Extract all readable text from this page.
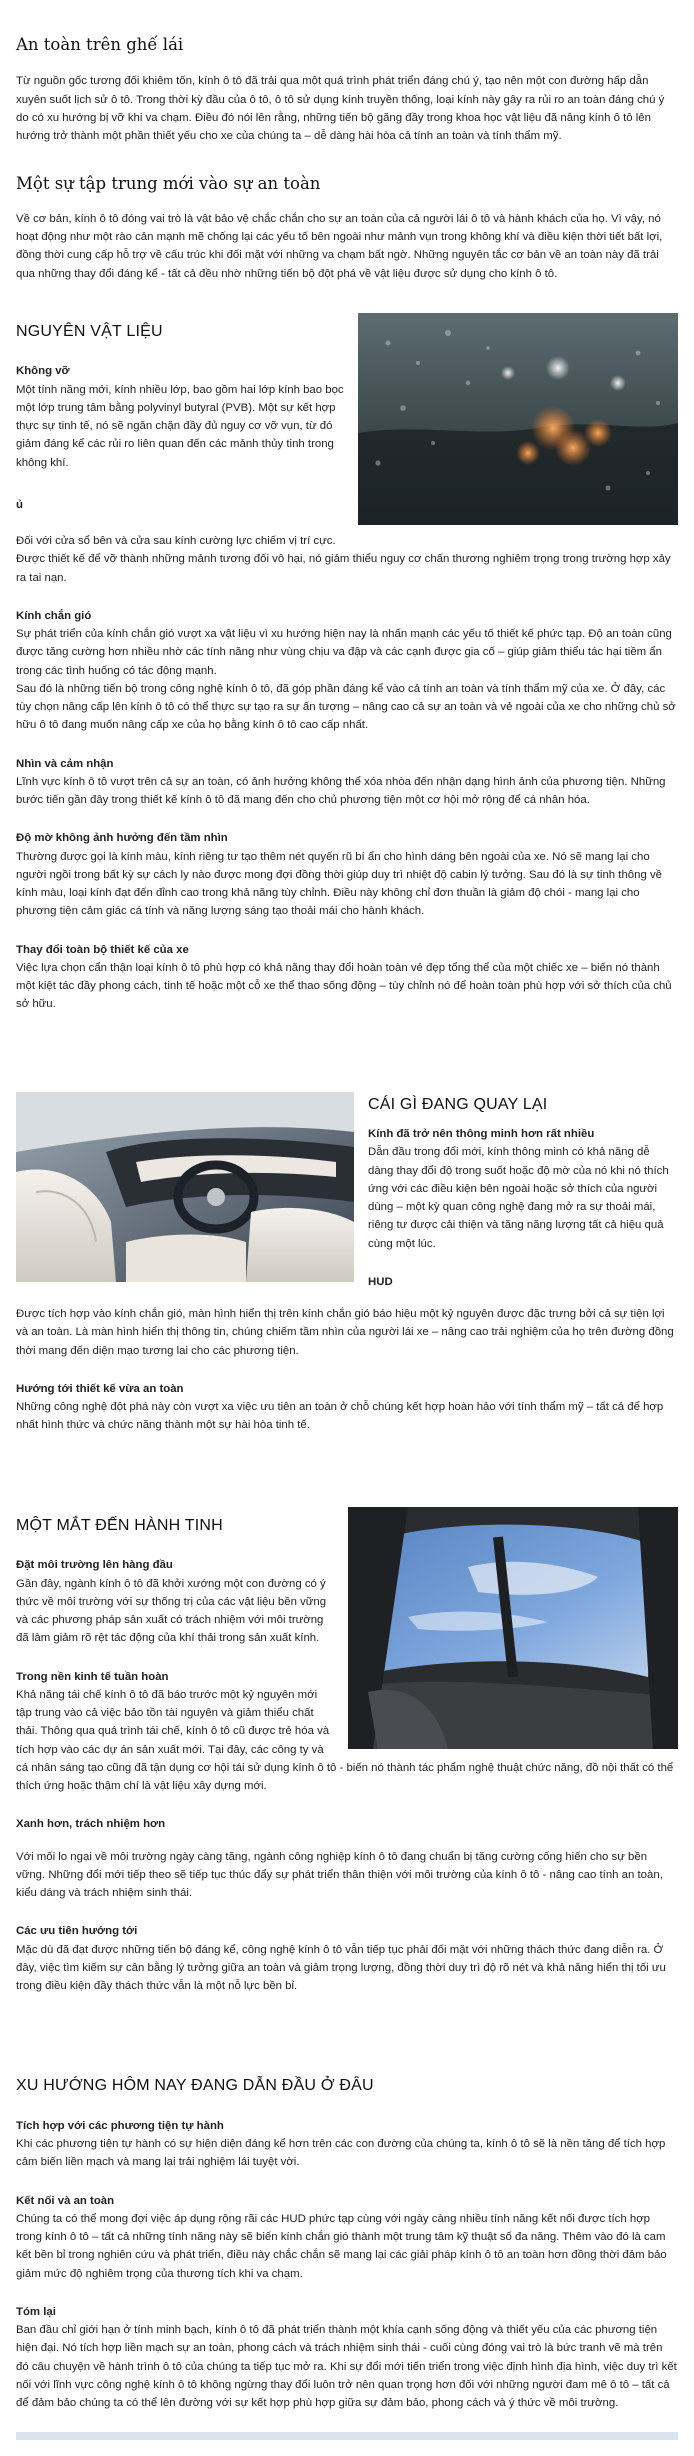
An toàn trên ghế lái

Từ nguồn gốc tương đối khiêm tốn, kính ô tô đã trải qua một quá trình phát triển đáng chú ý, tạo nên một con đường hấp dẫn xuyên suốt lịch sử ô tô. Trong thời kỳ đầu của ô tô, ô tô sử dụng kính truyền thống, loại kính này gây ra rủi ro an toàn đáng chú ý do có xu hướng bị vỡ khi va chạm. Điều đó nói lên rằng, những tiến bộ găng đầy trong khoa học vật liệu đã nâng kính ô tô lên hướng trở thành một phần thiết yếu cho xe của chúng ta – dễ dàng hài hòa cả tính an toàn và tính thẩm mỹ.

Một sự tập trung mới vào sự an toàn

Về cơ bản, kính ô tô đóng vai trò là vật bảo vệ chắc chắn cho sự an toàn của cả người lái ô tô và hành khách của họ. Vì vậy, nó hoạt động như một rào cản mạnh mẽ chống lại các yếu tố bên ngoài như mảnh vụn trong không khí và điều kiện thời tiết bất lợi, đồng thời cung cấp hỗ trợ về cấu trúc khi đối mặt với những va chạm bất ngờ. Những nguyên tắc cơ bản về an toàn này đã trải qua những thay đổi đáng kể - tất cả đều nhờ những tiến bộ đột phá về vật liệu được sử dụng cho kính ô tô.

NGUYÊN VẬT LIỆU

Không vỡ

Một tính năng mới, kính nhiều lớp, bao gồm hai lớp kính bao bọc một lớp trung tâm bằng polyvinyl butyral (PVB). Một sự kết hợp thực sự tinh tế, nó sẽ ngăn chặn đầy đủ nguy cơ vỡ vụn, từ đó giảm đáng kể các rủi ro liên quan đến các mảnh thủy tinh trong không khí.

ủ

Đối với cửa sổ bên và cửa sau kính cường lực chiếm vị trí cực. Được thiết kế để vỡ thành những mảnh tương đối vô hại, nó giảm thiểu nguy cơ chấn thương nghiêm trọng trong trường hợp xảy ra tai nạn.

Kính chắn gió

Sự phát triển của kính chắn gió vượt xa vật liệu vì xu hướng hiện nay là nhấn mạnh các yếu tố thiết kế phức tạp. Độ an toàn cũng được tăng cường hơn nhiều nhờ các tính năng như vùng chịu va đập và các cạnh được gia cố – giúp giảm thiểu tác hại tiềm ẩn trong các tình huống có tác động mạnh.

Sau đó là những tiến bộ trong công nghệ kính ô tô, đã góp phần đáng kể vào cả tính an toàn và tính thẩm mỹ của xe. Ở đây, các tùy chọn nâng cấp lên kính ô tô có thể thực sự tạo ra sự ấn tượng – nâng cao cả sự an toàn và vẻ ngoài của xe cho những chủ sở hữu ô tô đang muốn nâng cấp xe của họ bằng kính ô tô cao cấp nhất.

Nhìn và cảm nhận

Lĩnh vực kính ô tô vượt trên cả sự an toàn, có ảnh hưởng không thể xóa nhòa đến nhận dạng hình ảnh của phương tiện. Những bước tiến gần đây trong thiết kế kính ô tô đã mang đến cho chủ phương tiện một cơ hội mở rộng để cá nhân hóa.

Độ mờ không ảnh hưởng đến tầm nhìn

Thường được gọi là kính màu, kính riêng tư tạo thêm nét quyến rũ bí ẩn cho hình dáng bên ngoài của xe. Nó sẽ mang lại cho người ngồi trong bất kỳ sự cách ly nào được mong đợi đồng thời giúp duy trì nhiệt độ cabin lý tưởng. Sau đó là sự tinh thông về kính màu, loại kính đạt đến đỉnh cao trong khả năng tùy chỉnh. Điều này không chỉ đơn thuần là giảm độ chói - mang lại cho phương tiện cảm giác cá tính và năng lượng sáng tạo thoải mái cho hành khách.

Thay đổi toàn bộ thiết kế của xe

Việc lựa chọn cẩn thận loại kính ô tô phù hợp có khả năng thay đổi hoàn toàn vẻ đẹp tổng thể của một chiếc xe – biến nó thành một kiệt tác đầy phong cách, tinh tế hoặc một cỗ xe thể thao sống động – tùy chỉnh nó để hoàn toàn phù hợp với sở thích của chủ sở hữu.

CÁI GÌ ĐANG QUAY LẠI

Kính đã trở nên thông minh hơn rất nhiều

Dẫn đầu trong đổi mới, kính thông minh có khả năng dễ dàng thay đổi độ trong suốt hoặc độ mờ của nó khi nó thích ứng với các điều kiện bên ngoài hoặc sở thích của người dùng – một kỳ quan công nghệ đang mở ra sự thoải mái, riêng tư được cải thiện và tăng năng lượng tất cả hiệu quả cùng một lúc.

HUD

Được tích hợp vào kính chắn gió, màn hình hiển thị trên kính chắn gió báo hiệu một kỷ nguyên được đặc trưng bởi cả sự tiện lợi và an toàn. Là màn hình hiển thị thông tin, chúng chiếm tầm nhìn của người lái xe – nâng cao trải nghiệm của họ trên đường đồng thời mang đến diện mạo tương lai cho các phương tiện.

Hướng tới thiết kế vừa an toàn

Những công nghệ đột phá này còn vượt xa việc ưu tiên an toàn ở chỗ chúng kết hợp hoàn hảo với tính thẩm mỹ – tất cả để hợp nhất hình thức và chức năng thành một sự hài hòa tinh tế.

MỘT MẮT ĐẾN HÀNH TINH

Đặt môi trường lên hàng đầu

Gần đây, ngành kính ô tô đã khởi xướng một con đường có ý thức về môi trường với sự thống trị của các vật liệu bền vững và các phương pháp sản xuất có trách nhiệm với môi trường đã làm giảm rõ rệt tác động của khí thải trong sản xuất kính.

Trong nền kinh tế tuần hoàn

Khả năng tái chế kính ô tô đã báo trước một kỷ nguyên mới tập trung vào cả việc bảo tồn tài nguyên và giảm thiểu chất thải. Thông qua quá trình tái chế, kính ô tô cũ được trẻ hóa và tích hợp vào các dự án sản xuất mới. Tại đây, các công ty và cá nhân sáng tạo cũng đã tận dụng cơ hội tái sử dụng kính ô tô - biến nó thành tác phẩm nghệ thuật chức năng, đồ nội thất có thể thích ứng hoặc thậm chí là vật liệu xây dựng mới.

Xanh hơn, trách nhiệm hơn

Với mối lo ngại về môi trường ngày càng tăng, ngành công nghiệp kính ô tô đang chuẩn bị tăng cường cống hiến cho sự bền vững. Những đổi mới tiếp theo sẽ tiếp tục thúc đẩy sự phát triển thân thiện với môi trường của kính ô tô - nâng cao tính an toàn, kiểu dáng và trách nhiệm sinh thái.

Các ưu tiên hướng tới

Mặc dù đã đạt được những tiến bộ đáng kể, công nghệ kính ô tô vẫn tiếp tục phải đối mặt với những thách thức đang diễn ra. Ở đây, việc tìm kiếm sự cân bằng lý tưởng giữa an toàn và giảm trọng lượng, đồng thời duy trì độ rõ nét và khả năng hiển thị tối ưu trong điều kiện đầy thách thức vẫn là một nỗ lực bền bỉ.

XU HƯỚNG HÔM NAY ĐANG DẪN ĐẦU Ở ĐÂU

Tích hợp với các phương tiện tự hành

Khi các phương tiện tự hành có sự hiện diện đáng kể hơn trên các con đường của chúng ta, kính ô tô sẽ là nền tảng để tích hợp cảm biến liền mạch và mang lại trải nghiệm lái tuyệt vời.

Kết nối và an toàn

Chúng ta có thể mong đợi việc áp dụng rộng rãi các HUD phức tạp cùng với ngày càng nhiều tính năng kết nối được tích hợp trong kính ô tô – tất cả những tính năng này sẽ biến kính chắn gió thành một trung tâm kỹ thuật số đa năng. Thêm vào đó là cam kết bền bỉ trong nghiên cứu và phát triển, điều này chắc chắn sẽ mang lại các giải pháp kính ô tô an toàn hơn đồng thời đảm bảo giảm mức độ nghiêm trọng của thương tích khi va chạm.

Tóm lại

Ban đầu chỉ giới hạn ở tính minh bạch, kính ô tô đã phát triển thành một khía cạnh sống động và thiết yếu của các phương tiện hiện đại. Nó tích hợp liền mạch sự an toàn, phong cách và trách nhiệm sinh thái - cuối cùng đóng vai trò là bức tranh vẽ mà trên đó câu chuyện về hành trình ô tô của chúng ta tiếp tục mở ra. Khi sự đổi mới tiến triển trong việc định hình địa hình, việc duy trì kết nối với lĩnh vực công nghệ kính ô tô không ngừng thay đổi luôn trở nên quan trọng hơn đối với những người đam mê ô tô – tất cả để đảm bảo chúng ta có thể lên đường với sự kết hợp phù hợp giữa sự đảm bảo, phong cách và ý thức về môi trường.
